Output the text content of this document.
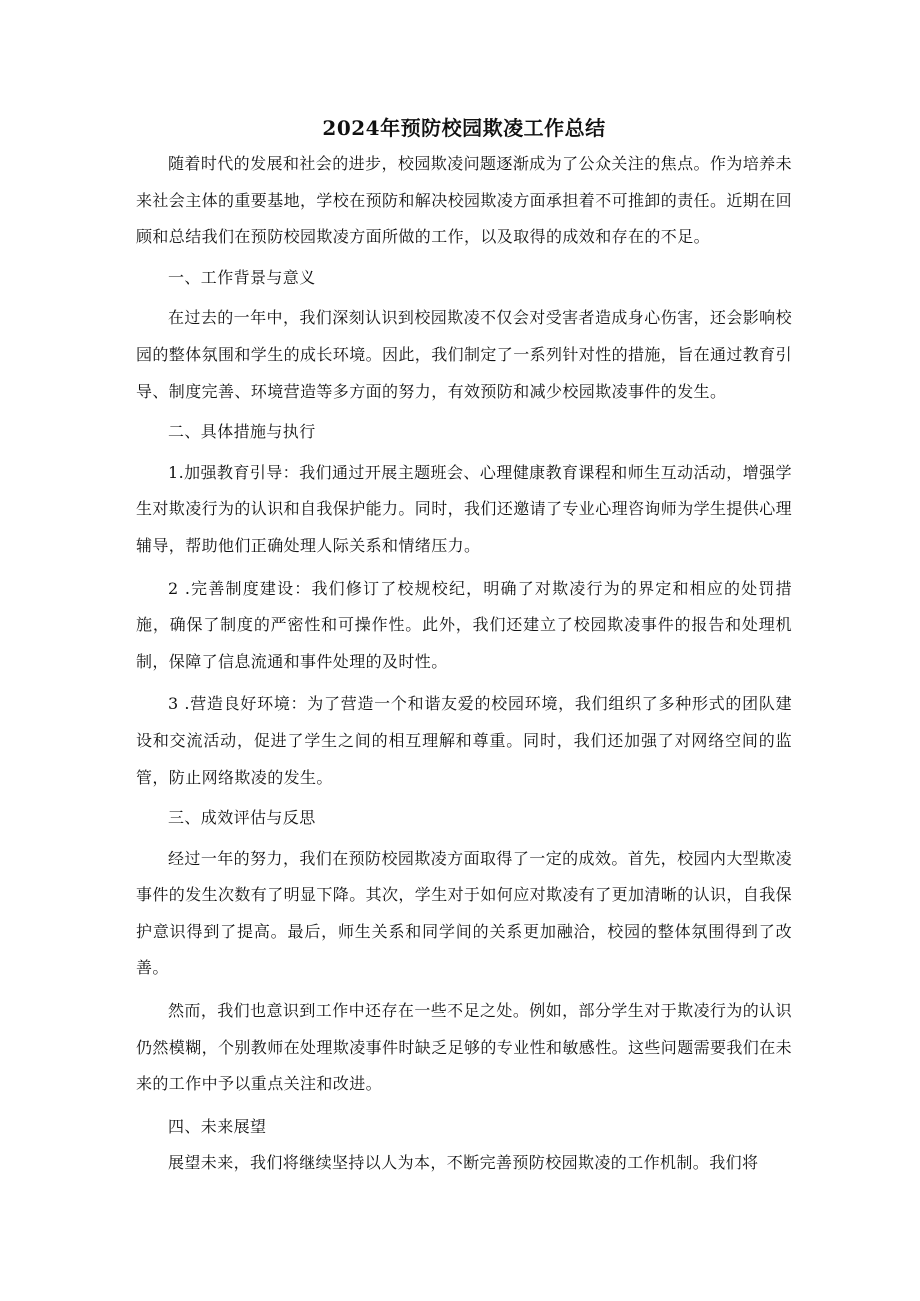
2024年预防校园欺凌工作总结

随着时代的发展和社会的进步，校园欺凌问题逐渐成为了公众关注的焦点。作为培养未来社会主体的重要基地，学校在预防和解决校园欺凌方面承担着不可推卸的责任。近期在回顾和总结我们在预防校园欺凌方面所做的工作，以及取得的成效和存在的不足。

一、工作背景与意义

在过去的一年中，我们深刻认识到校园欺凌不仅会对受害者造成身心伤害，还会影响校园的整体氛围和学生的成长环境。因此，我们制定了一系列针对性的措施，旨在通过教育引导、制度完善、环境营造等多方面的努力，有效预防和减少校园欺凌事件的发生。

二、具体措施与执行

1.加强教育引导：我们通过开展主题班会、心理健康教育课程和师生互动活动，增强学生对欺凌行为的认识和自我保护能力。同时，我们还邀请了专业心理咨询师为学生提供心理辅导，帮助他们正确处理人际关系和情绪压力。

2 .完善制度建设：我们修订了校规校纪，明确了对欺凌行为的界定和相应的处罚措施，确保了制度的严密性和可操作性。此外，我们还建立了校园欺凌事件的报告和处理机制，保障了信息流通和事件处理的及时性。

3 .营造良好环境：为了营造一个和谐友爱的校园环境，我们组织了多种形式的团队建设和交流活动，促进了学生之间的相互理解和尊重。同时，我们还加强了对网络空间的监管，防止网络欺凌的发生。

三、成效评估与反思

经过一年的努力，我们在预防校园欺凌方面取得了一定的成效。首先，校园内大型欺凌事件的发生次数有了明显下降。其次，学生对于如何应对欺凌有了更加清晰的认识，自我保护意识得到了提高。最后，师生关系和同学间的关系更加融洽，校园的整体氛围得到了改善。

然而，我们也意识到工作中还存在一些不足之处。例如，部分学生对于欺凌行为的认识仍然模糊，个别教师在处理欺凌事件时缺乏足够的专业性和敏感性。这些问题需要我们在未来的工作中予以重点关注和改进。

四、未来展望

展望未来，我们将继续坚持以人为本，不断完善预防校园欺凌的工作机制。我们将
